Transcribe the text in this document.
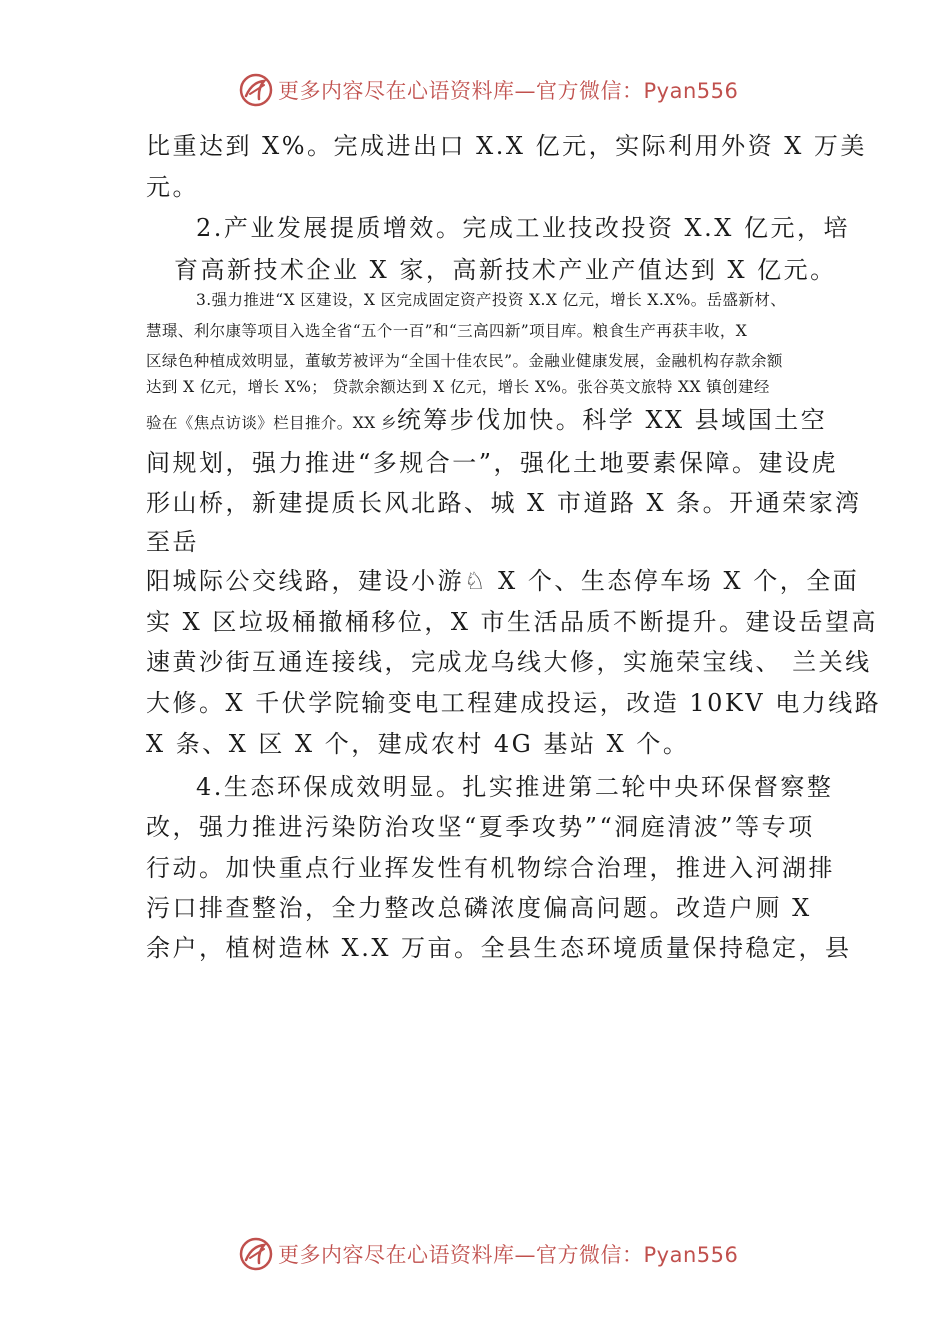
更多内容尽在心语资料库—官方微信：Pyan556
比重达到 X%。完成进出口 X.X 亿元，实际利用外资 X 万美
元。
2.产业发展提质增效。完成工业技改投资 X.X 亿元，培
育高新技术企业 X 家，高新技术产业产值达到 X 亿元。
3.强力推进“X 区建设，X 区完成固定资产投资 X.X 亿元，增长 X.X%。岳盛新材、
慧璟、利尔康等项目入选全省“五个一百”和“三高四新”项目库。粮食生产再获丰收，X
区绿色种植成效明显，董敏芳被评为“全国十佳农民”。金融业健康发展，金融机构存款余额
达到 X 亿元，增长 X%； 贷款余额达到 X 亿元，增长 X%。张谷英文旅特 XX 镇创建经
验在《焦点访谈》栏目推介。XX 乡统筹步伐加快。科学 XX 县域国土空
间规划，强力推进“多规合一”，强化土地要素保障。建设虎
形山桥，新建提质长风北路、城 X 市道路 X 条。开通荣家湾
至岳
阳城际公交线路，建设小游♘ X 个、生态停车场 X 个，全面
实 X 区垃圾桶撤桶移位，X 市生活品质不断提升。建设岳望高
速黄沙街互通连接线，完成龙乌线大修，实施荣宝线、 兰关线
大修。X 千伏学院输变电工程建成投运，改造 10KV 电力线路
X 条、X 区 X 个，建成农村 4G 基站 X 个。
4.生态环保成效明显。扎实推进第二轮中央环保督察整
改，强力推进污染防治攻坚“夏季攻势”“洞庭清波”等专项
行动。加快重点行业挥发性有机物综合治理，推进入河湖排
污口排查整治，全力整改总磷浓度偏高问题。改造户厕 X
余户，植树造林 X.X 万亩。全县生态环境质量保持稳定，县
更多内容尽在心语资料库—官方微信：Pyan556
